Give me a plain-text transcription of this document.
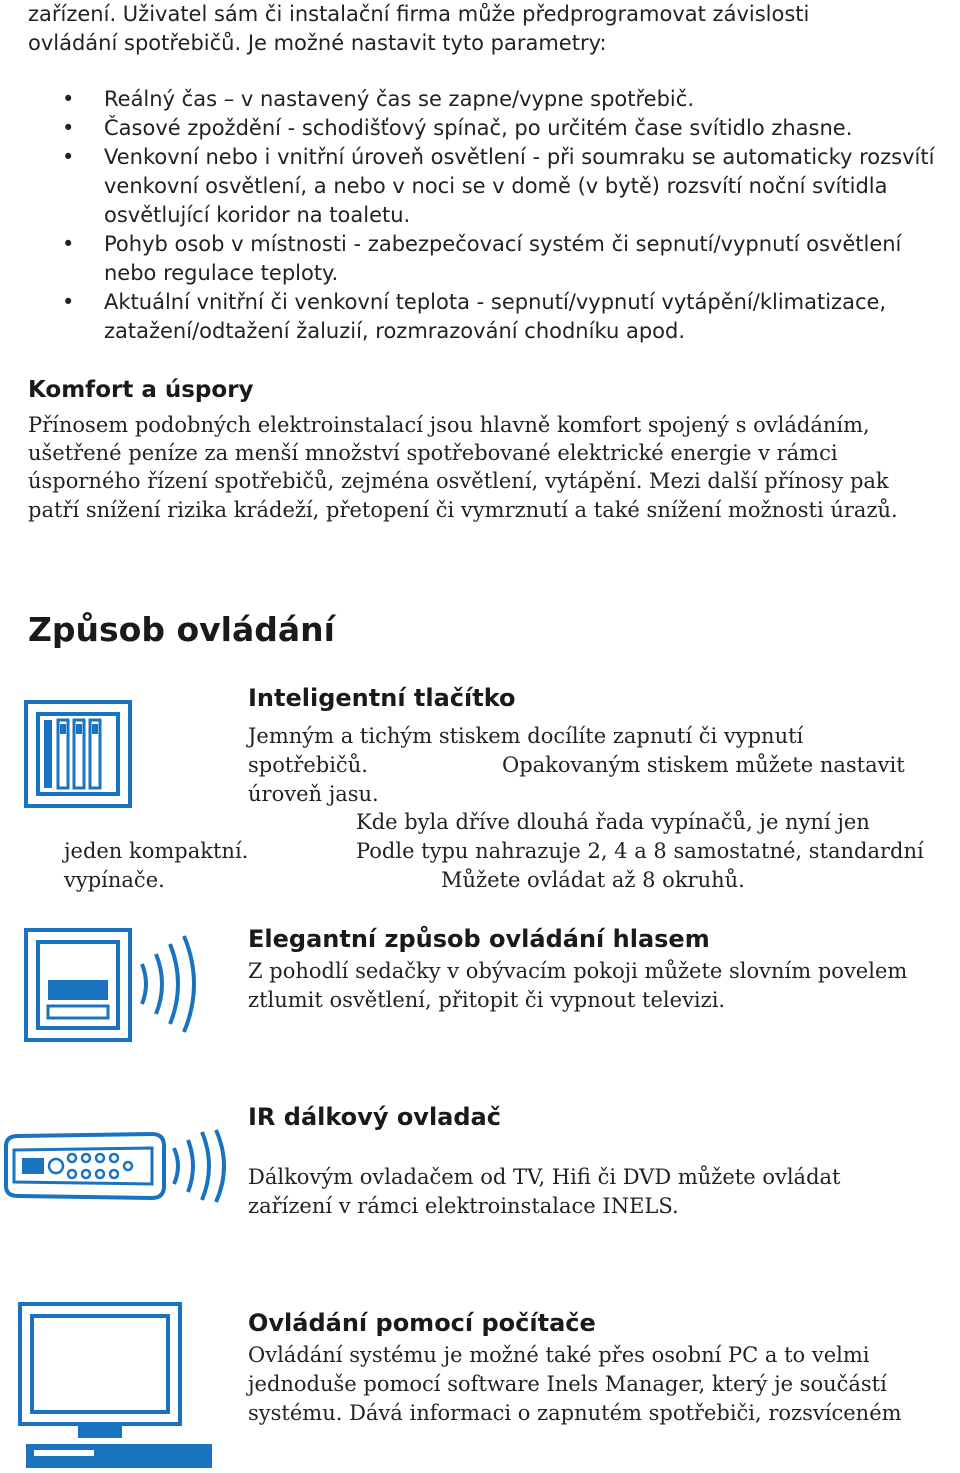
zařízení. Uživatel sám či instalační firma může předprogramovat závislosti
ovládání spotřebičů. Je možné nastavit tyto parametry:
• Reálný čas – v nastavený čas se zapne/vypne spotřebič.
• Časové zpoždění - schodišťový spínač, po určitém čase svítidlo zhasne.
• Venkovní nebo i vnitřní úroveň osvětlení - při soumraku se automaticky rozsvítí venkovní osvětlení, a nebo v noci se v domě (v bytě) rozsvítí noční svítidla osvětlující koridor na toaletu.
• Pohyb osob v místnosti - zabezpečovací systém či sepnutí/vypnutí osvětlení nebo regulace teploty.
• Aktuální vnitřní či venkovní teplota - sepnutí/vypnutí vytápění/klimatizace, zatažení/odtažení žaluzií, rozmrazování chodníku apod.
Komfort a úspory
Přínosem podobných elektroinstalací jsou hlavně komfort spojený s ovládáním,
ušetřené peníze za menší množství spotřebované elektrické energie v rámci
úsporného řízení spotřebičů, zejména osvětlení, vytápění. Mezi další přínosy pak
patří snížení rizika krádeží, přetopení či vymrznutí a také snížení možnosti úrazů.
Způsob ovládání
Inteligentní tlačítko
Jemným a tichým stiskem docílíte zapnutí či vypnutí
spotřebičů.	Opakovaným stiskem můžete nastavit
úroveň jasu.
Kde byla dříve dlouhá řada vypínačů, je nyní jen
jeden kompaktní.	Podle typu nahrazuje 2, 4 a 8 samostatné, standardní
vypínače.	Můžete ovládat až 8 okruhů.
Elegantní způsob ovládání hlasem
Z pohodlí sedačky v obývacím pokoji můžete slovním povelem
ztlumit osvětlení, přitopit či vypnout televizi.
IR dálkový ovladač
Dálkovým ovladačem od TV, Hifi či DVD můžete ovládat
zařízení v rámci elektroinstalace INELS.
Ovládání pomocí počítače
Ovládání systému je možné také přes osobní PC a to velmi
jednoduše pomocí software Inels Manager, který je součástí
systému. Dává informaci o zapnutém spotřebiči, rozsvíceném
